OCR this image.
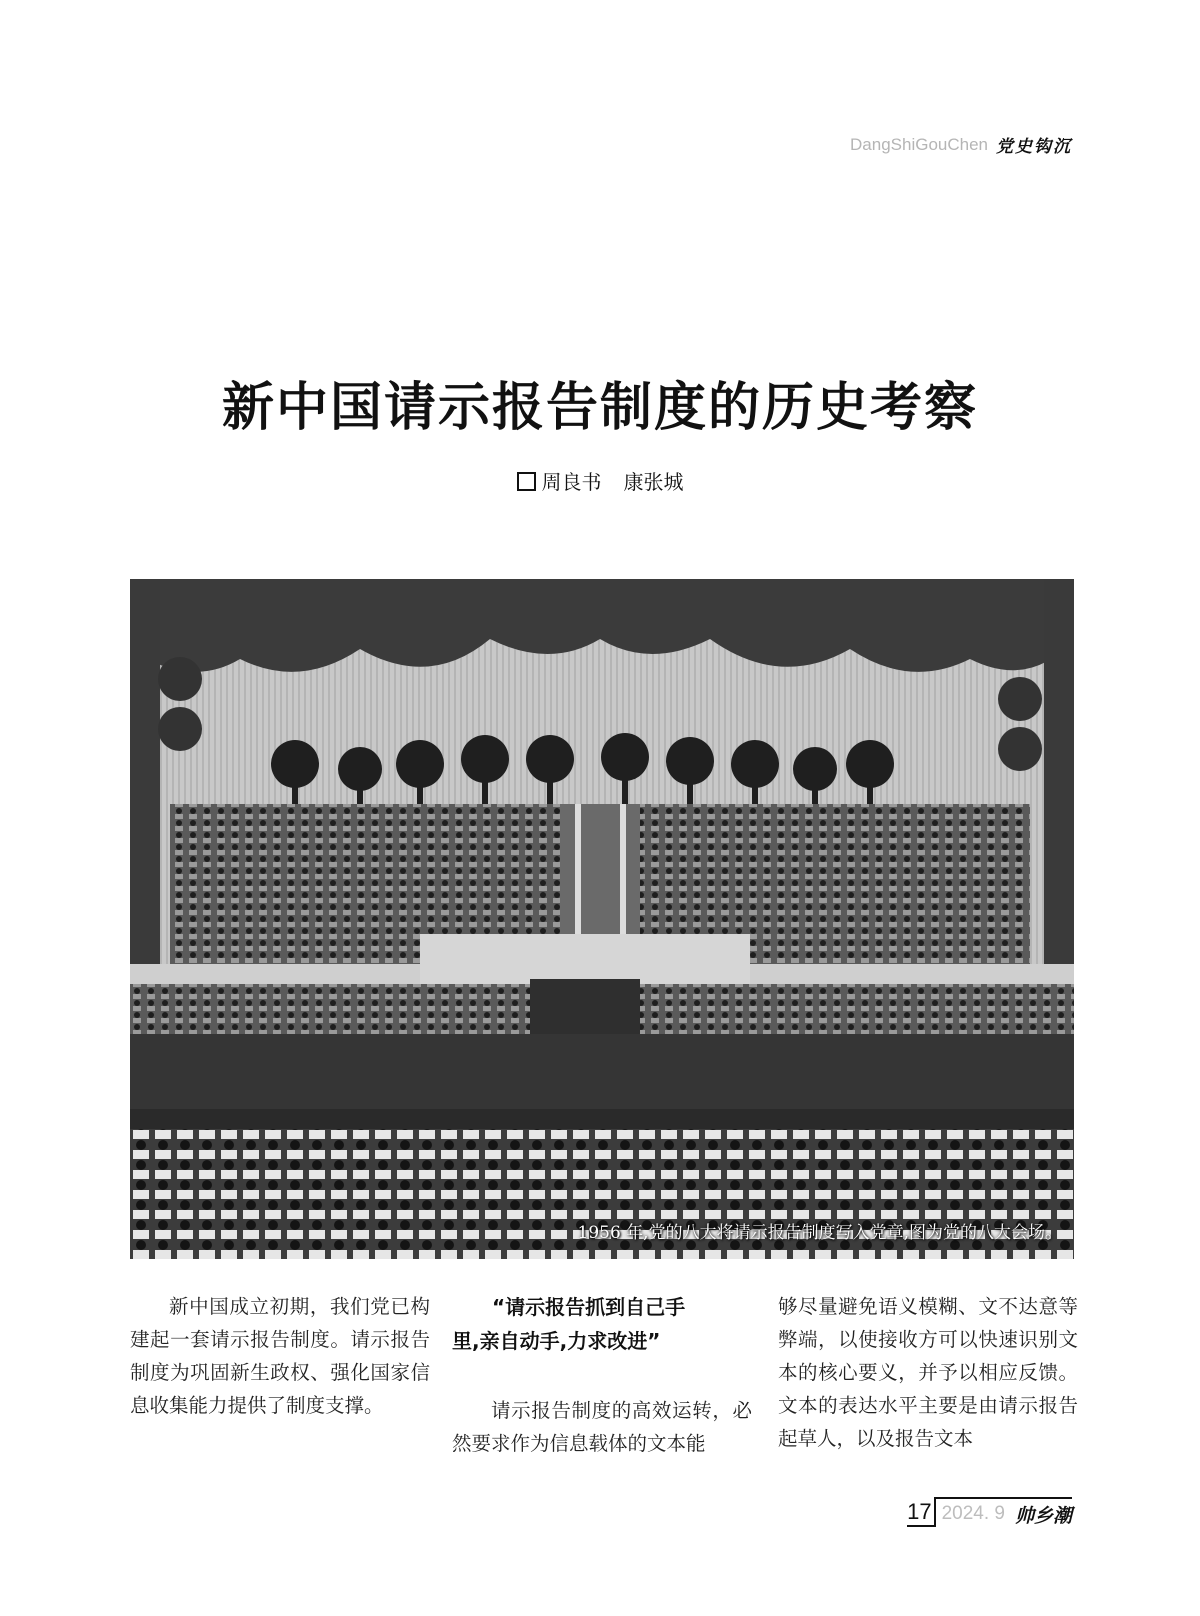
DangShiGouChen 党史钩沉
新中国请示报告制度的历史考察
周良书 康张城
1956 年,党的八大将请示报告制度写入党章,图为党的八大会场。

新中国成立初期，我们党已构建起一套请示报告制度。请示报告制度为巩固新生政权、强化国家信息收集能力提供了制度支撑。

“请示报告抓到自己手
里,亲自动手,力求改进”

请示报告制度的高效运转，必然要求作为信息载体的文本能

够尽量避免语义模糊、文不达意等弊端，以使接收方可以快速识别文本的核心要义，并予以相应反馈。文本的表达水平主要是由请示报告起草人，以及报告文本

17 2024. 9 帅乡潮
